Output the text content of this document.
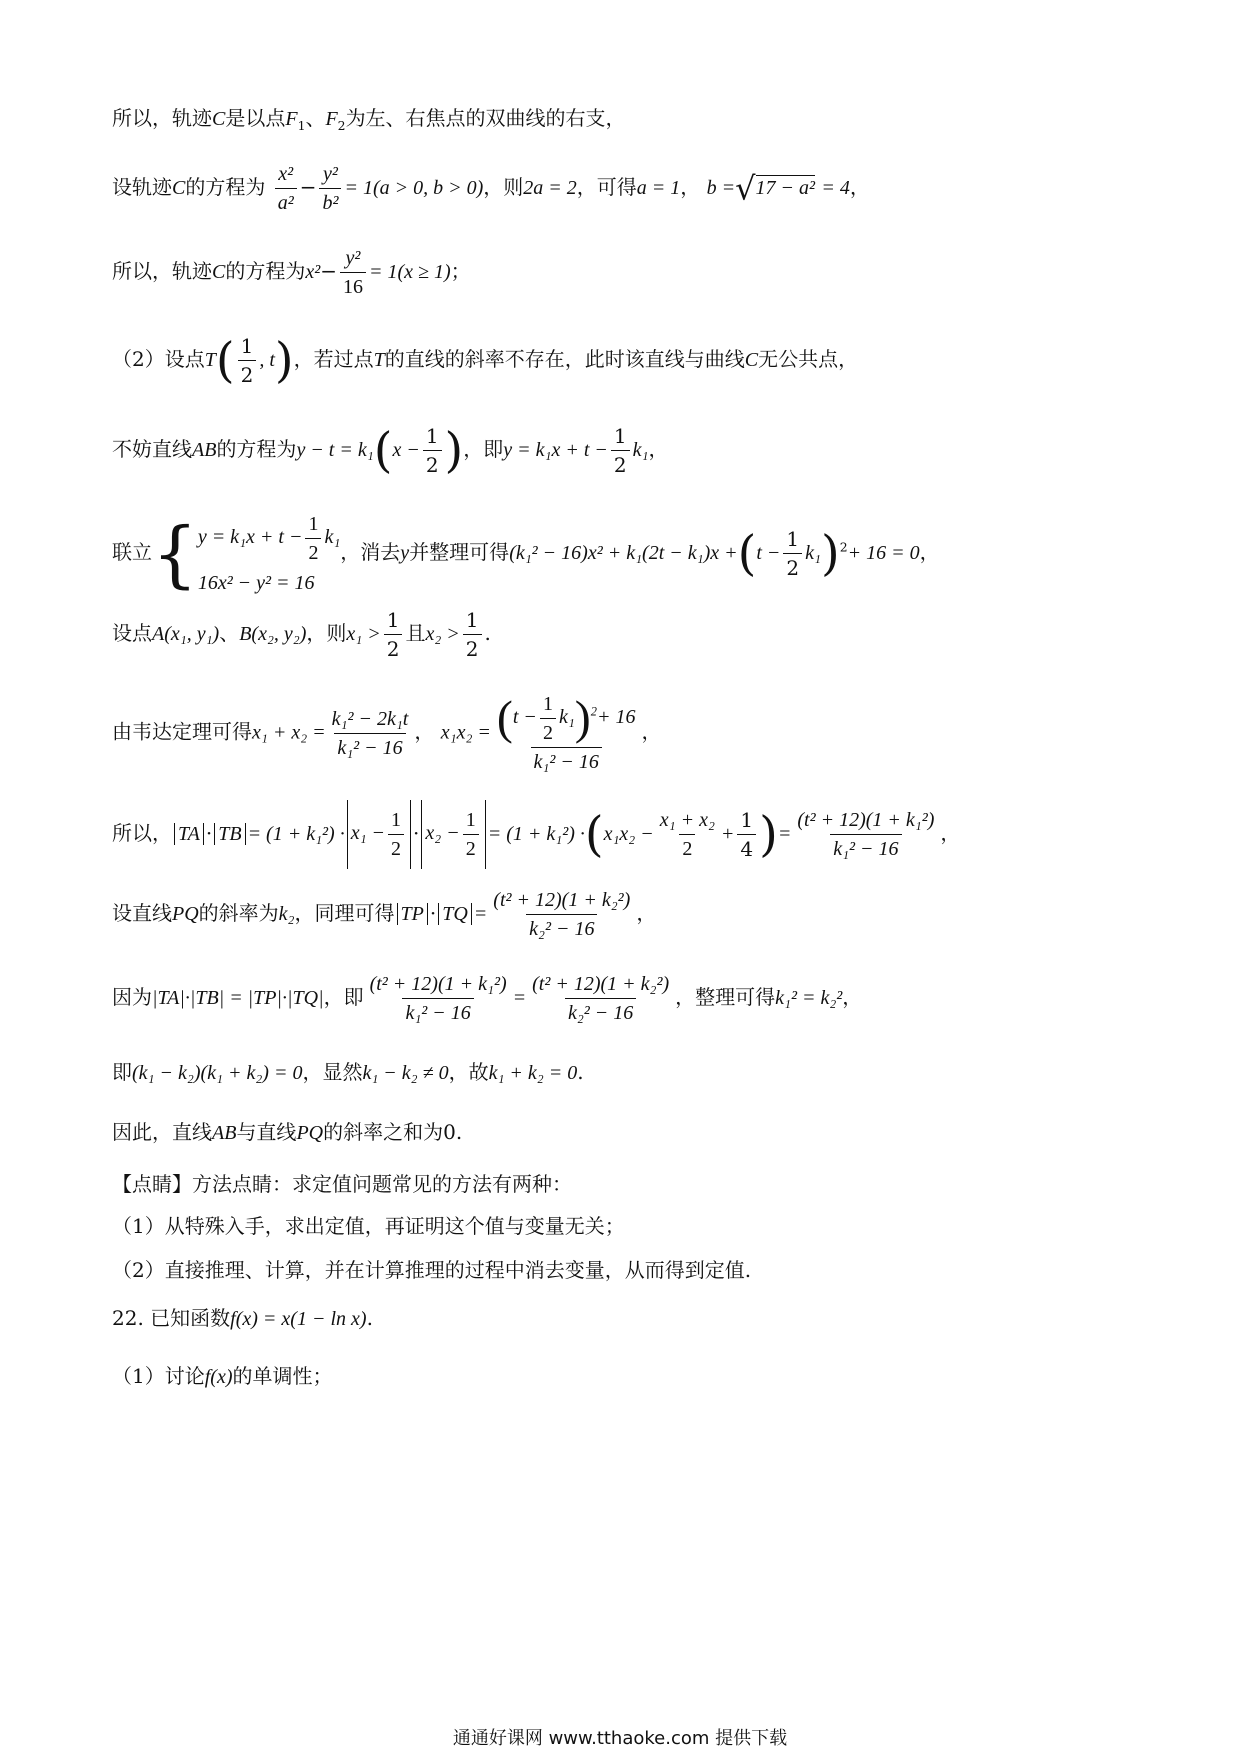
所以，轨迹C是以点$F_1$、$F_2$为左、右焦点的双曲线的右支，
设轨迹C的方程为 $\frac{\text{x²}}{\text{a²}} - \frac{\text{y²}}{\text{b²}} = 1(a > 0$, b > 0)，则2a = 2，可得a = 1， b =√17 − a² = 4，
所以，轨迹C的方程为$x^2- \frac{\text{y²}}{16} = 1(x \ge 1)$；
（2）设点$T( \frac{1}{2}$ , t)，若过点T的直线的斜率不存在，此时该直线与曲线C无公共点，
不妨直线AB的方程为$y - t = k_1(x - \frac{1}{2}$ )，即$y = k_1x + t - \frac{1}{2} k_1$，
联立{ $y = k_1x + t - \frac{1}{2} k_1$
16x² − y² = 16
，消去y并整理可得$(k_1^2 - 16)x^2 + k_1(2t - k_1)x +(t - \frac{1}{2} k_1)^2+ 16 = 0$，
设点A(x₁, y₁)、B(x₂, y₂)，则$x_1 > \frac{1}{2}$ 且$x_2 > \frac{1}{2}$ .
由韦达定理可得$x_1 + x_2 = \frac{\text{k₁² − 2k₁t}}{\text{k₁² − 16}}$ ， $x_1x_2 = \frac{(t - \frac{1}{2} k_1)^2+ 16}{\text{k₁² − 16}}$ ，
所以， TA · TB = $(1 + k_1^2) \cdot x_1 - \frac{1}{2} \cdot x_2 - \frac{1}{2} = (1 + k_1^2) \cdot(x_1x_2 - \frac{\text{x₁ + x₂}}{2} + \frac{1}{4}$ )= $\frac{\text{(t² + 12)(1 + k₁²)}}{\text{k₁² − 16}}$ ，
设直线PQ的斜率为k₂，同理可得 TP · TQ = $\frac{\text{(t² + 12)(1 + k₂²)}}{\text{k₂² − 16}}$ ，
因为|TA|·|TB| = |TP|·|TQ|，即 $\frac{\text{(t² + 12)(1 + k₁²)}}{\text{k₁² − 16}} = \frac{\text{(t² + 12)(1 + k₂²)}}{\text{k₂² − 16}}$ ，整理可得k₁² = k₂²，
即(k₁ − k₂)(k₁ + k₂) = 0，显然k₁ − k₂ ≠ 0，故k₁ + k₂ = 0.
因此，直线AB与直线PQ的斜率之和为0.
【点睛】方法点睛：求定值问题常见的方法有两种：
（1）从特殊入手，求出定值，再证明这个值与变量无关；
（2）直接推理、计算，并在计算推理的过程中消去变量，从而得到定值.
22. 已知函数f(x) = x(1 − ln x).
（1）讨论f(x)的单调性；
通通好课网 www.tthaoke.com 提供下载
